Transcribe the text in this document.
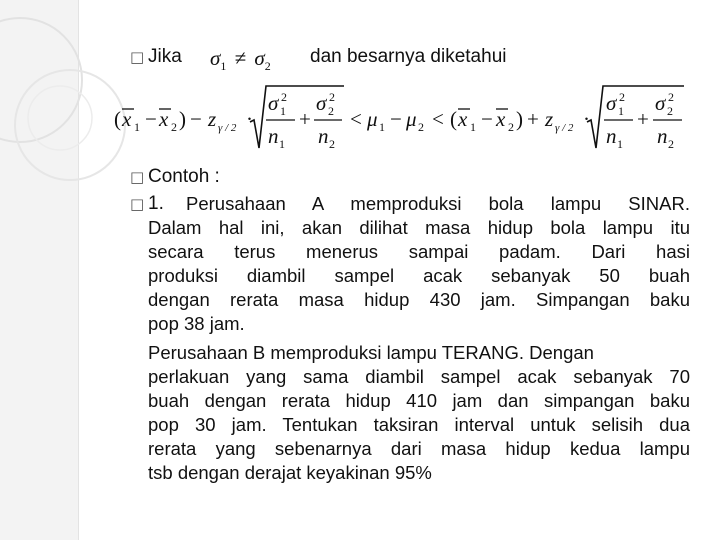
□ Jika $\sigma_1 \ne \sigma_2$ dan besarnya diketahui
( x 1 − x 2 ) − z γ / 2 ·
σ 2
1
n 1
+
σ 2
2
n 2
< μ 1 − μ 2 < ( x 1 − x 2 ) + z γ / 2 ·
σ 2
1
n 1
+
σ 2
2
n 2
□ Contoh :
□ 1.	Perusahaan A memproduksi bola lampu SINAR.
Dalam hal ini, akan dilihat masa hidup bola lampu itu
secara terus menerus sampai padam. Dari hasi
produksi diambil sampel acak sebanyak 50 buah
dengan rerata masa hidup 430 jam. Simpangan baku
pop 38 jam.
Perusahaan B memproduksi lampu TERANG. Dengan
perlakuan yang sama diambil sampel acak sebanyak 70
buah dengan rerata hidup 410 jam dan simpangan baku
pop 30 jam. Tentukan taksiran interval untuk selisih dua
rerata yang sebenarnya dari masa hidup kedua lampu
tsb dengan derajat keyakinan 95%
